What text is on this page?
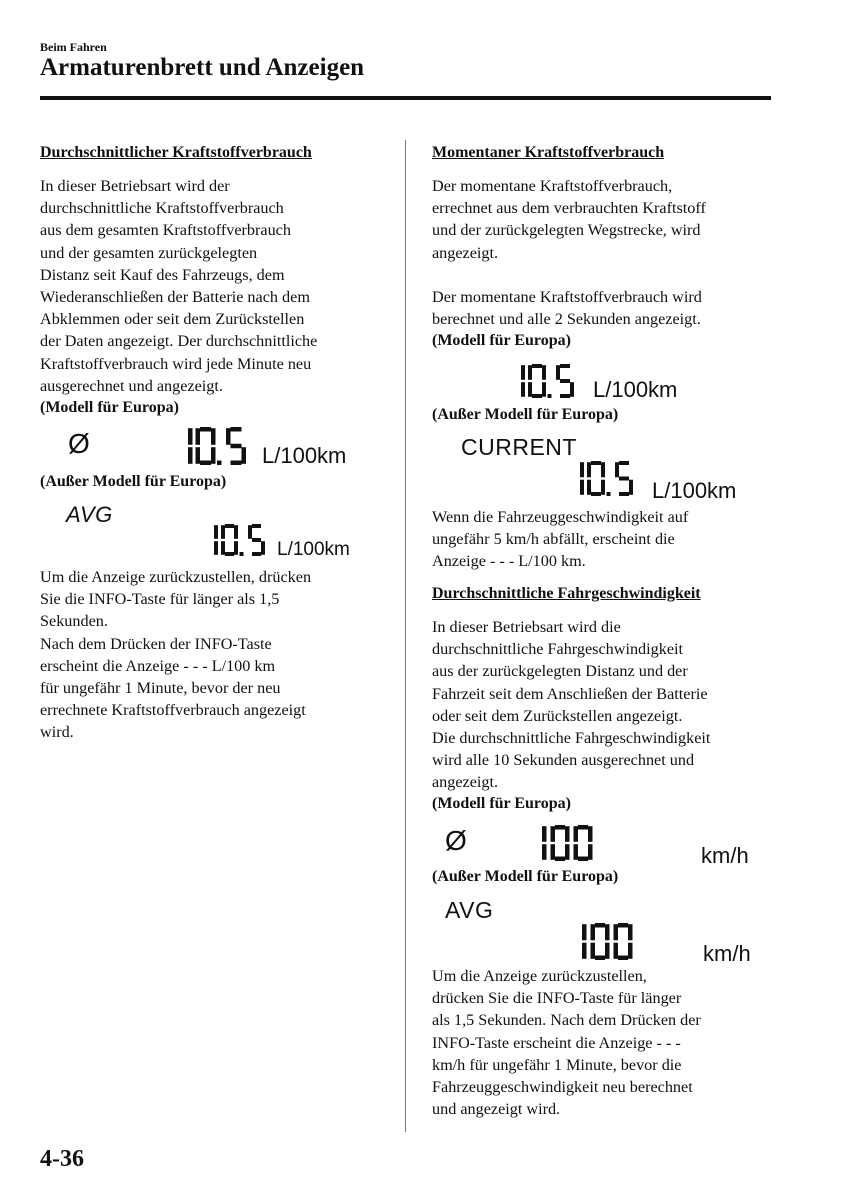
Beim Fahren
Armaturenbrett und Anzeigen
Durchschnittlicher Kraftstoffverbrauch

In dieser Betriebsart wird der
durchschnittliche Kraftstoffverbrauch
aus dem gesamten Kraftstoffverbrauch
und der gesamten zurückgelegten
Distanz seit Kauf des Fahrzeugs, dem
Wiederanschließen der Batterie nach dem
Abklemmen oder seit dem Zurückstellen
der Daten angezeigt. Der durchschnittliche
Kraftstoffverbrauch wird jede Minute neu
ausgerechnet und angezeigt.

(Modell für Europa)
Ø	L/100km
(Außer Modell für Europa)
AVG
L/100km

Um die Anzeige zurückzustellen, drücken
Sie die INFO-Taste für länger als 1,5
Sekunden.
Nach dem Drücken der INFO-Taste
erscheint die Anzeige - - - L/100 km
für ungefähr 1 Minute, bevor der neu
errechnete Kraftstoffverbrauch angezeigt
wird.

Momentaner Kraftstoffverbrauch

Der momentane Kraftstoffverbrauch,
errechnet aus dem verbrauchten Kraftstoff
und der zurückgelegten Wegstrecke, wird
angezeigt.

Der momentane Kraftstoffverbrauch wird
berechnet und alle 2 Sekunden angezeigt.

(Modell für Europa)
L/100km
(Außer Modell für Europa)
CURRENT
L/100km

Wenn die Fahrzeuggeschwindigkeit auf
ungefähr 5 km/h abfällt, erscheint die
Anzeige - - - L/100 km.

Durchschnittliche Fahrgeschwindigkeit

In dieser Betriebsart wird die
durchschnittliche Fahrgeschwindigkeit
aus der zurückgelegten Distanz und der
Fahrzeit seit dem Anschließen der Batterie
oder seit dem Zurückstellen angezeigt.
Die durchschnittliche Fahrgeschwindigkeit
wird alle 10 Sekunden ausgerechnet und
angezeigt.

(Modell für Europa)
Ø	km/h
(Außer Modell für Europa)
AVG
km/h

Um die Anzeige zurückzustellen,
drücken Sie die INFO-Taste für länger
als 1,5 Sekunden. Nach dem Drücken der
INFO-Taste erscheint die Anzeige - - -
km/h für ungefähr 1 Minute, bevor die
Fahrzeuggeschwindigkeit neu berechnet
und angezeigt wird.

4-36
